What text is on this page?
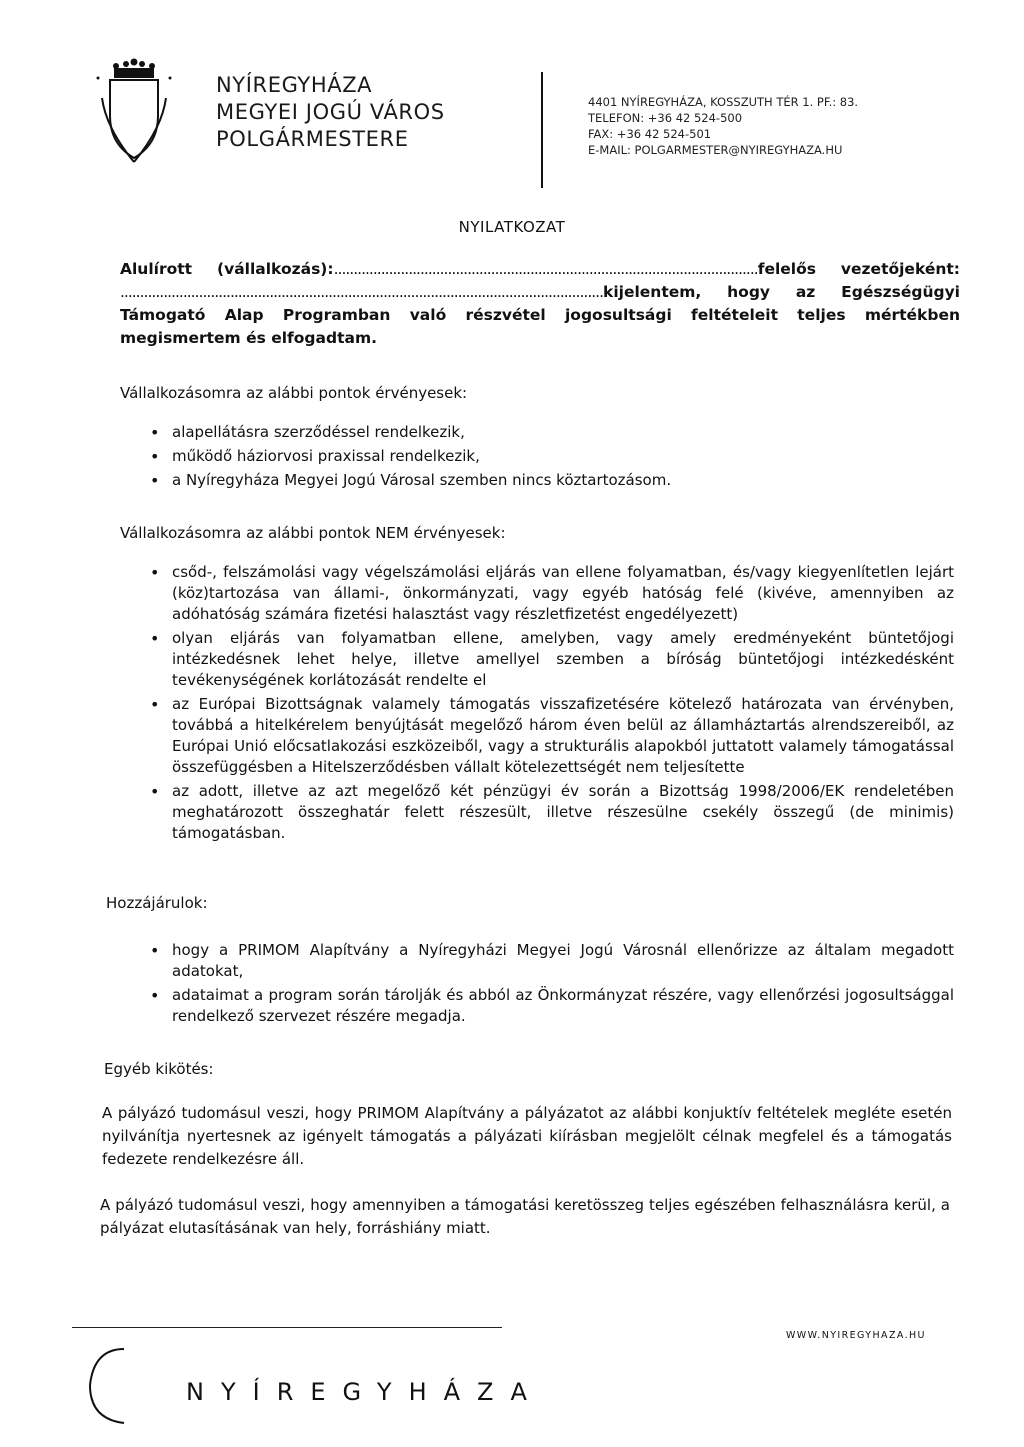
NYÍREGYHÁZA
MEGYEI JOGÚ VÁROS
POLGÁRMESTERE
4401 NYÍREGYHÁZA, KOSSZUTH TÉR 1. PF.: 83.
TELEFON: +36 42 524-500
FAX: +36 42 524-501
E-MAIL: POLGARMESTER@NYIREGYHAZA.HU
NYILATKOZAT
Alulírott (vállalkozás):............................................................................................................felelős vezetőjeként: ...........................................................................................................................kijelentem, hogy az Egészségügyi Támogató Alap Programban való részvétel jogosultsági feltételeit teljes mértékben megismertem és elfogadtam.
Vállalkozásomra az alábbi pontok érvényesek:
• alapellátásra szerződéssel rendelkezik,
• működő háziorvosi praxissal rendelkezik,
• a Nyíregyháza Megyei Jogú Városal szemben nincs köztartozásom.
Vállalkozásomra az alábbi pontok NEM érvényesek:
• csőd-, felszámolási vagy végelszámolási eljárás van ellene folyamatban, és/vagy kiegyenlítetlen lejárt (köz)tartozása van állami-, önkormányzati, vagy egyéb hatóság felé (kivéve, amennyiben az adóhatóság számára fizetési halasztást vagy részletfizetést engedélyezett)
• olyan eljárás van folyamatban ellene, amelyben, vagy amely eredményeként büntetőjogi intézkedésnek lehet helye, illetve amellyel szemben a bíróság büntetőjogi intézkedésként tevékenységének korlátozását rendelte el
• az Európai Bizottságnak valamely támogatás visszafizetésére kötelező határozata van érvényben, továbbá a hitelkérelem benyújtását megelőző három éven belül az államháztartás alrendszereiből, az Európai Unió előcsatlakozási eszközeiből, vagy a strukturális alapokból juttatott valamely támogatással összefüggésben a Hitelszerződésben vállalt kötelezettségét nem teljesítette
• az adott, illetve az azt megelőző két pénzügyi év során a Bizottság 1998/2006/EK rendeletében meghatározott összeghatár felett részesült, illetve részesülne csekély összegű (de minimis) támogatásban.
Hozzájárulok:
• hogy a PRIMOM Alapítvány a Nyíregyházi Megyei Jogú Városnál ellenőrizze az általam megadott adatokat,
• adataimat a program során tárolják és abból az Önkormányzat részére, vagy ellenőrzési jogosultsággal rendelkező szervezet részére megadja.
Egyéb kikötés:
A pályázó tudomásul veszi, hogy PRIMOM Alapítvány a pályázatot az alábbi konjuktív feltételek megléte esetén nyilvánítja nyertesnek az igényelt támogatás a pályázati kiírásban megjelölt célnak megfelel és a támogatás fedezete rendelkezésre áll.
A pályázó tudomásul veszi, hogy amennyiben a támogatási keretösszeg teljes egészében felhasználásra kerül, a pályázat elutasításának van hely, forráshiány miatt.
WWW.NYIREGYHAZA.HU
NYÍREGYHÁZA
